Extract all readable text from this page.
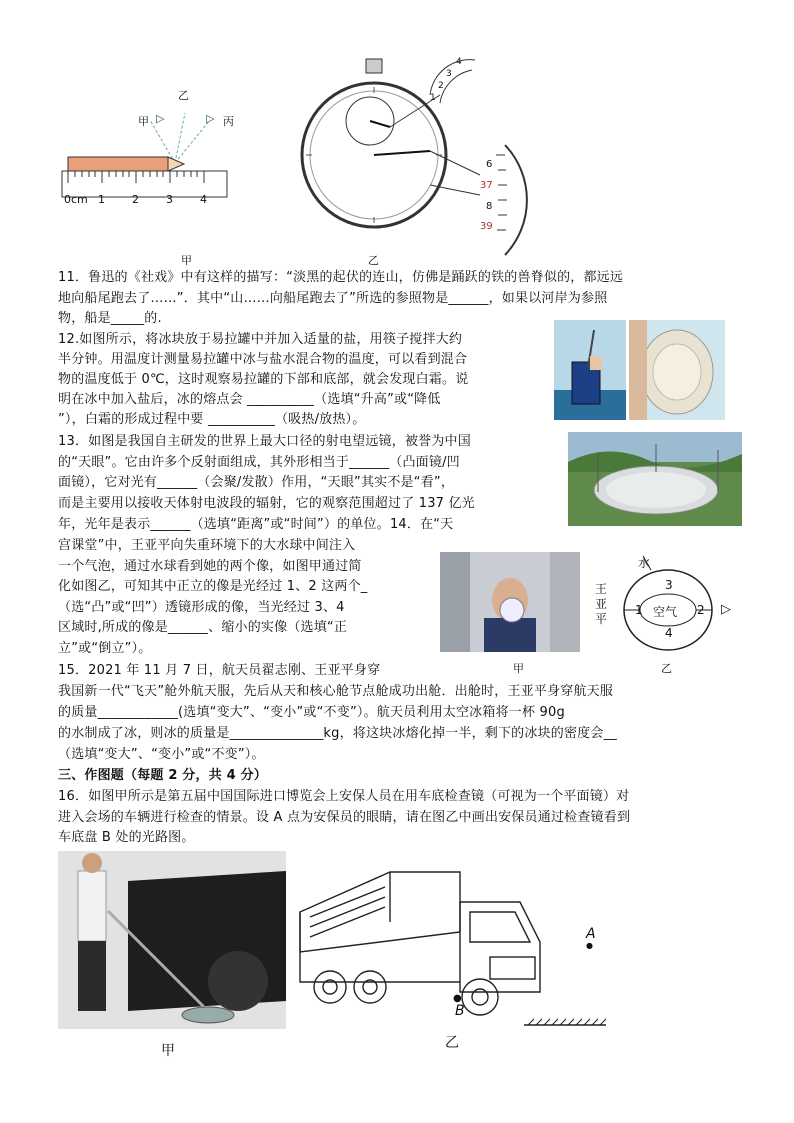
0cm 1 2 3 4
甲
乙
丙
▷	▷
4
3
2
1
6
37
8
39
甲	乙
11．鲁迅的《社戏》中有这样的描写：“淡黑的起伏的连山，仿佛是踊跃的铁的兽脊似的，都远远
地向船尾跑去了……”．其中“山……向船尾跑去了”所选的参照物是______，如果以河岸为参照
物，船是_____的.
12.如图所示，将冰块放于易拉罐中并加入适量的盐，用筷子搅拌大约
半分钟。用温度计测量易拉罐中冰与盐水混合物的温度，可以看到混合
物的温度低于 0℃，这时观察易拉罐的下部和底部，就会发现白霜。说
明在冰中加入盐后，冰的熔点会 __________（选填“升高”或“降低
”），白霜的形成过程中要 __________（吸热/放热）。
13．如图是我国自主研发的世界上最大口径的射电望远镜，被誉为中国
的“天眼”。它由许多个反射面组成，其外形相当于______（凸面镜/凹
面镜），它对光有______（会聚/发散）作用，“天眼”其实不是“看”，
而是主要用以接收天体射电波段的辐射，它的观察范围超过了 137 亿光
年，光年是表示______（选填“距离”或“时间”）的单位。14．在“天
宫课堂”中，王亚平向失重环境下的大水球中间注入
一个气泡，通过水球看到她的两个像，如图甲通过简
化如图乙，可知其中正立的像是光经过 1、2 这两个_
（选“凸”或“凹”）透镜形成的像，当光经过 3、4
区域时,所成的像是______、缩小的实像（选填“正
立”或“倒立”）。
甲
水
空气
1	2
3
4
王亚平
▷
乙
15．2021 年 11 月 7 日，航天员翟志刚、王亚平身穿
我国新一代“飞天”舱外航天服，先后从天和核心舱节点舱成功出舱．出舱时，王亚平身穿航天服
的质量____________(选填“变大”、“变小”或“不变”）。航天员利用太空冰箱将一杯 90g
的水制成了冰，则冰的质量是______________kg，将这块冰熔化掉一半，剩下的冰块的密度会__
（选填“变大”、“变小”或“不变”）。
三、作图题（每题 2 分，共 4 分）
16．如图甲所示是第五届中国国际进口博览会上安保人员在用车底检查镜（可视为一个平面镜）对
进入会场的车辆进行检查的情景。设 A 点为安保员的眼睛，请在图乙中画出安保员通过检查镜看到
车底盘 B 处的光路图。
甲
●
B
A
●
乙
